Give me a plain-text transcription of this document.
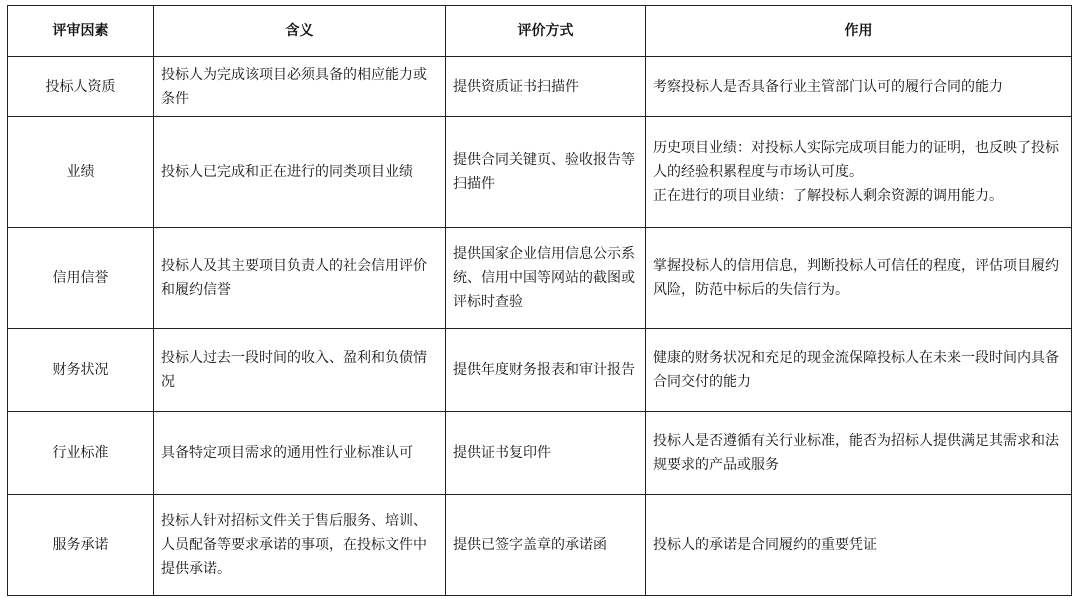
评审因素	含义	评价方式	作用
投标人资质	投标人为完成该项目必须具备的相应能力或条件	提供资质证书扫描件	考察投标人是否具备行业主管部门认可的履行合同的能力

业绩	投标人已完成和正在进行的同类项目业绩	提供合同关键页、验收报告等扫描件	历史项目业绩：对投标人实际完成项目能力的证明，也反映了投标人的经验积累程度与市场认可度。
正在进行的项目业绩：了解投标人剩余资源的调用能力。

信用信誉	投标人及其主要项目负责人的社会信用评价和履约信誉	提供国家企业信用信息公示系统、信用中国等网站的截图或评标时查验	掌握投标人的信用信息，判断投标人可信任的程度，评估项目履约风险，防范中标后的失信行为。

财务状况	投标人过去一段时间的收入、盈利和负债情况	提供年度财务报表和审计报告	健康的财务状况和充足的现金流保障投标人在未来一段时间内具备合同交付的能力

行业标准	具备特定项目需求的通用性行业标准认可	提供证书复印件	投标人是否遵循有关行业标准，能否为招标人提供满足其需求和法规要求的产品或服务

服务承诺	投标人针对招标文件关于售后服务、培训、人员配备等要求承诺的事项，在投标文件中提供承诺。	提供已签字盖章的承诺函	投标人的承诺是合同履约的重要凭证
